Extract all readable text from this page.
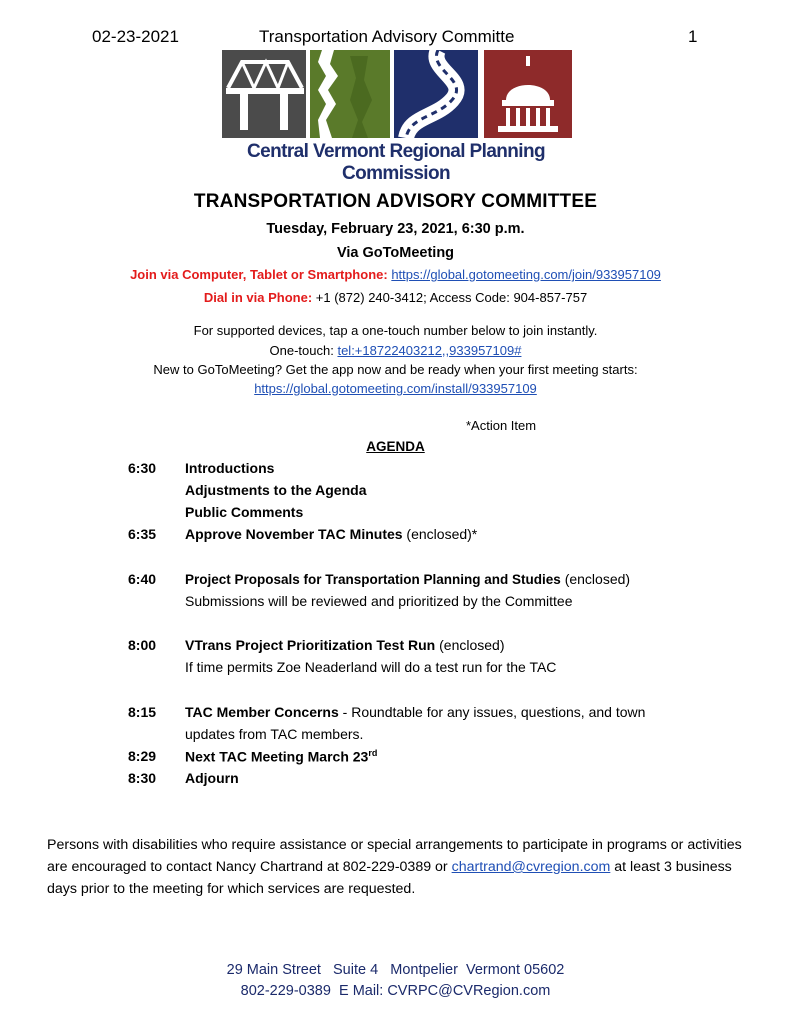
02-23-2021	Transportation Advisory Committe	1
Central Vermont Regional Planning Commission
TRANSPORTATION ADVISORY COMMITTEE
Tuesday, February 23, 2021, 6:30 p.m.
Via GoToMeeting
Join via Computer, Tablet or Smartphone: https://global.gotomeeting.com/join/933957109
Dial in via Phone: +1 (872) 240-3412; Access Code: 904-857-757
For supported devices, tap a one-touch number below to join instantly.
One-touch: tel:+18722403212,,933957109#
New to GoToMeeting? Get the app now and be ready when your first meeting starts:
https://global.gotomeeting.com/install/933957109
*Action Item
AGENDA
6:30	Introductions
Adjustments to the Agenda
Public Comments
6:35	Approve November TAC Minutes (enclosed)*
6:40	Project Proposals for Transportation Planning and Studies (enclosed)
Submissions will be reviewed and prioritized by the Committee
8:00	VTrans Project Prioritization Test Run (enclosed)
If time permits Zoe Neaderland will do a test run for the TAC
8:15	TAC Member Concerns - Roundtable for any issues, questions, and town
updates from TAC members.
8:29	Next TAC Meeting March 23rd
8:30	Adjourn
Persons with disabilities who require assistance or special arrangements to participate in programs or activities are encouraged to contact Nancy Chartrand at 802-229-0389 or chartrand@cvregion.com at least 3 business days prior to the meeting for which services are requested.
29 Main Street   Suite 4   Montpelier  Vermont 05602
802-229-0389  E Mail: CVRPC@CVRegion.com
